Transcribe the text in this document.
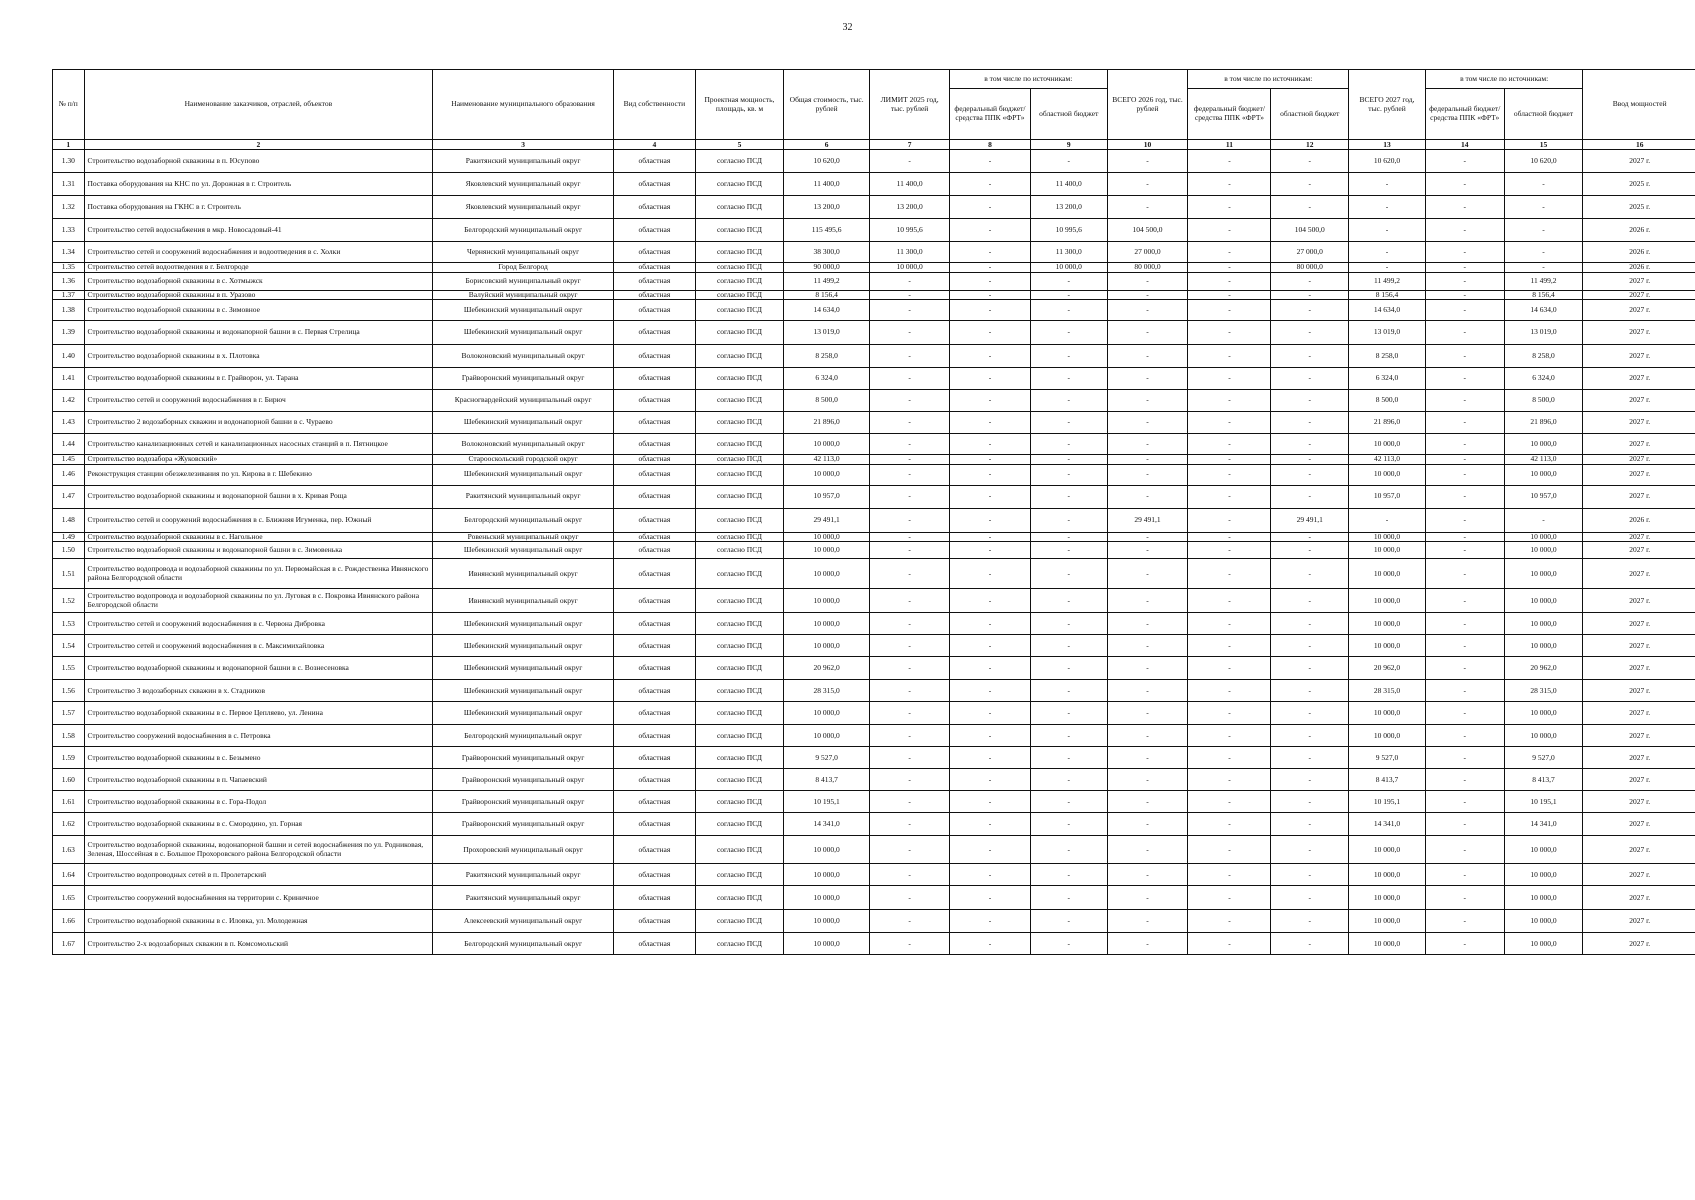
32
№ п/п	Наименование заказчиков, отраслей, объектов	Наименование муниципального образования	Вид собственности	Проектная мощность, площадь, кв. м	Общая стоимость, тыс. рублей	ЛИМИТ 2025 год, тыс. рублей	в том числе по источникам:		ВСЕГО 2026 год, тыс. рублей	в том числе по источникам:		ВСЕГО 2027 год, тыс. рублей	в том числе по источникам:		Ввод мощностей
							федеральный бюджет/ средства ППК «ФРТ»	областной бюджет		федеральный бюджет/ средства ППК «ФРТ»	областной бюджет		федеральный бюджет/ средства ППК «ФРТ»	областной бюджет	
1	2	3	4	5	6	7	8	9	10	11	12	13	14	15	16
1.30	Строительство водозаборной скважины в п. Юсупово	Ракитянский муниципальный округ	областная	согласно ПСД	10 620,0	-	-	-	-	-	-	10 620,0	-	10 620,0	2027 г.
1.31	Поставка оборудования на КНС по ул. Дорожная в г. Строитель	Яковлевский муниципальный округ	областная	согласно ПСД	11 400,0	11 400,0	-	11 400,0	-	-	-	-	-	-	2025 г.
1.32	Поставка оборудования на ГКНС в г. Строитель	Яковлевский муниципальный округ	областная	согласно ПСД	13 200,0	13 200,0	-	13 200,0	-	-	-	-	-	-	2025 г.
1.33	Строительство сетей водоснабжения в мкр. Новосадовый-41	Белгородский муниципальный округ	областная	согласно ПСД	115 495,6	10 995,6	-	10 995,6	104 500,0	-	104 500,0	-	-	-	2026 г.
1.34	Строительство сетей и сооружений водоснабжения и водоотведения в с. Холки	Чернянский муниципальный округ	областная	согласно ПСД	38 300,0	11 300,0	-	11 300,0	27 000,0	-	27 000,0	-	-	-	2026 г.
1.35	Строительство сетей водоотведения в г. Белгороде	Город Белгород	областная	согласно ПСД	90 000,0	10 000,0	-	10 000,0	80 000,0	-	80 000,0	-	-	-	2026 г.
1.36	Строительство водозаборной скважины в с. Хотмыжск	Борисовский муниципальный округ	областная	согласно ПСД	11 499,2	-	-	-	-	-	-	11 499,2	-	11 499,2	2027 г.
1.37	Строительство водозаборной скважины в п. Уразово	Валуйский муниципальный округ	областная	согласно ПСД	8 156,4	-	-	-	-	-	-	8 156,4	-	8 156,4	2027 г.
1.38	Строительство водозаборной скважины в с. Зимовное	Шебекинский муниципальный округ	областная	согласно ПСД	14 634,0	-	-	-	-	-	-	14 634,0	-	14 634,0	2027 г.
1.39	Строительство водозаборной скважины и водонапорной башни в с. Первая Стрелица	Шебекинский муниципальный округ	областная	согласно ПСД	13 019,0	-	-	-	-	-	-	13 019,0	-	13 019,0	2027 г.
1.40	Строительство водозаборной скважины в х. Плотовка	Волоконовский муниципальный округ	областная	согласно ПСД	8 258,0	-	-	-	-	-	-	8 258,0	-	8 258,0	2027 г.
1.41	Строительство водозаборной скважины в г. Грайворон, ул. Тарана	Грайворонский муниципальный округ	областная	согласно ПСД	6 324,0	-	-	-	-	-	-	6 324,0	-	6 324,0	2027 г.
1.42	Строительство сетей и сооружений водоснабжения в г. Бирюч	Красногвардейский муниципальный округ	областная	согласно ПСД	8 500,0	-	-	-	-	-	-	8 500,0	-	8 500,0	2027 г.
1.43	Строительство 2 водозаборных скважин и водонапорной башни в с. Чураево	Шебекинский муниципальный округ	областная	согласно ПСД	21 896,0	-	-	-	-	-	-	21 896,0	-	21 896,0	2027 г.
1.44	Строительство канализационных сетей и канализационных насосных станций в п. Пятницкое	Волоконовский муниципальный округ	областная	согласно ПСД	10 000,0	-	-	-	-	-	-	10 000,0	-	10 000,0	2027 г.
1.45	Строительство водозабора «Жуковский»	Старооскольский городской округ	областная	согласно ПСД	42 113,0	-	-	-	-	-	-	42 113,0	-	42 113,0	2027 г.
1.46	Реконструкция станции обезжелезивания по ул. Кирова в г. Шебекино	Шебекинский муниципальный округ	областная	согласно ПСД	10 000,0	-	-	-	-	-	-	10 000,0	-	10 000,0	2027 г.
1.47	Строительство водозаборной скважины и водонапорной башни в х. Кривая Роща	Ракитянский муниципальный округ	областная	согласно ПСД	10 957,0	-	-	-	-	-	-	10 957,0	-	10 957,0	2027 г.
1.48	Строительство сетей и сооружений водоснабжения в с. Ближняя Игуменка, пер. Южный	Белгородский муниципальный округ	областная	согласно ПСД	29 491,1	-	-	-	29 491,1	-	29 491,1	-	-	-	2026 г.
1.49	Строительство водозаборной скважины в с. Нагольное	Ровеньский муниципальный округ	областная	согласно ПСД	10 000,0	-	-	-	-	-	-	10 000,0	-	10 000,0	2027 г.
1.50	Строительство водозаборной скважины и водонапорной башни в с. Зимовенька	Шебекинский муниципальный округ	областная	согласно ПСД	10 000,0	-	-	-	-	-	-	10 000,0	-	10 000,0	2027 г.
1.51	Строительство водопровода и водозаборной скважины по ул. Первомайская в с. Рождественка Ивнянского района Белгородской области	Ивнянский муниципальный округ	областная	согласно ПСД	10 000,0	-	-	-	-	-	-	10 000,0	-	10 000,0	2027 г.
1.52	Строительство водопровода и водозаборной скважины по ул. Луговая в с. Покровка Ивнянского района Белгородской области	Ивнянский муниципальный округ	областная	согласно ПСД	10 000,0	-	-	-	-	-	-	10 000,0	-	10 000,0	2027 г.
1.53	Строительство сетей и сооружений водоснабжения в с. Червона Дибровка	Шебекинский муниципальный округ	областная	согласно ПСД	10 000,0	-	-	-	-	-	-	10 000,0	-	10 000,0	2027 г.
1.54	Строительство сетей и сооружений водоснабжения в с. Максимихайловка	Шебекинский муниципальный округ	областная	согласно ПСД	10 000,0	-	-	-	-	-	-	10 000,0	-	10 000,0	2027 г.
1.55	Строительство водозаборной скважины и водонапорной башни в с. Вознесеновка	Шебекинский муниципальный округ	областная	согласно ПСД	20 962,0	-	-	-	-	-	-	20 962,0	-	20 962,0	2027 г.
1.56	Строительство 3 водозаборных скважин в х. Стадников	Шебекинский муниципальный округ	областная	согласно ПСД	28 315,0	-	-	-	-	-	-	28 315,0	-	28 315,0	2027 г.
1.57	Строительство водозаборной скважины в с. Первое Цепляево, ул. Ленина	Шебекинский муниципальный округ	областная	согласно ПСД	10 000,0	-	-	-	-	-	-	10 000,0	-	10 000,0	2027 г.
1.58	Строительство сооружений водоснабжения в с. Петровка	Белгородский муниципальный округ	областная	согласно ПСД	10 000,0	-	-	-	-	-	-	10 000,0	-	10 000,0	2027 г.
1.59	Строительство водозаборной скважины в с. Безымено	Грайворонский муниципальный округ	областная	согласно ПСД	9 527,0	-	-	-	-	-	-	9 527,0	-	9 527,0	2027 г.
1.60	Строительство водозаборной скважины в п. Чапаевский	Грайворонский муниципальный округ	областная	согласно ПСД	8 413,7	-	-	-	-	-	-	8 413,7	-	8 413,7	2027 г.
1.61	Строительство водозаборной скважины в с. Гора-Подол	Грайворонский муниципальный округ	областная	согласно ПСД	10 195,1	-	-	-	-	-	-	10 195,1	-	10 195,1	2027 г.
1.62	Строительство водозаборной скважины в с. Смородино, ул. Горная	Грайворонский муниципальный округ	областная	согласно ПСД	14 341,0	-	-	-	-	-	-	14 341,0	-	14 341,0	2027 г.
1.63	Строительство водозаборной скважины, водонапорной башни и сетей водоснабжения по ул. Родниковая, Зеленая, Шоссейная в с. Большое Прохоровского района Белгородской области	Прохоровский муниципальный округ	областная	согласно ПСД	10 000,0	-	-	-	-	-	-	10 000,0	-	10 000,0	2027 г.
1.64	Строительство водопроводных сетей в п. Пролетарский	Ракитянский муниципальный округ	областная	согласно ПСД	10 000,0	-	-	-	-	-	-	10 000,0	-	10 000,0	2027 г.
1.65	Строительство сооружений водоснабжения на территории с. Криничное	Ракитянский муниципальный округ	областная	согласно ПСД	10 000,0	-	-	-	-	-	-	10 000,0	-	10 000,0	2027 г.
1.66	Строительство водозаборной скважины в с. Иловка, ул. Молодежная	Алексеевский муниципальный округ	областная	согласно ПСД	10 000,0	-	-	-	-	-	-	10 000,0	-	10 000,0	2027 г.
1.67	Строительство 2-х водозаборных скважин в п. Комсомольский	Белгородский муниципальный округ	областная	согласно ПСД	10 000,0	-	-	-	-	-	-	10 000,0	-	10 000,0	2027 г.
